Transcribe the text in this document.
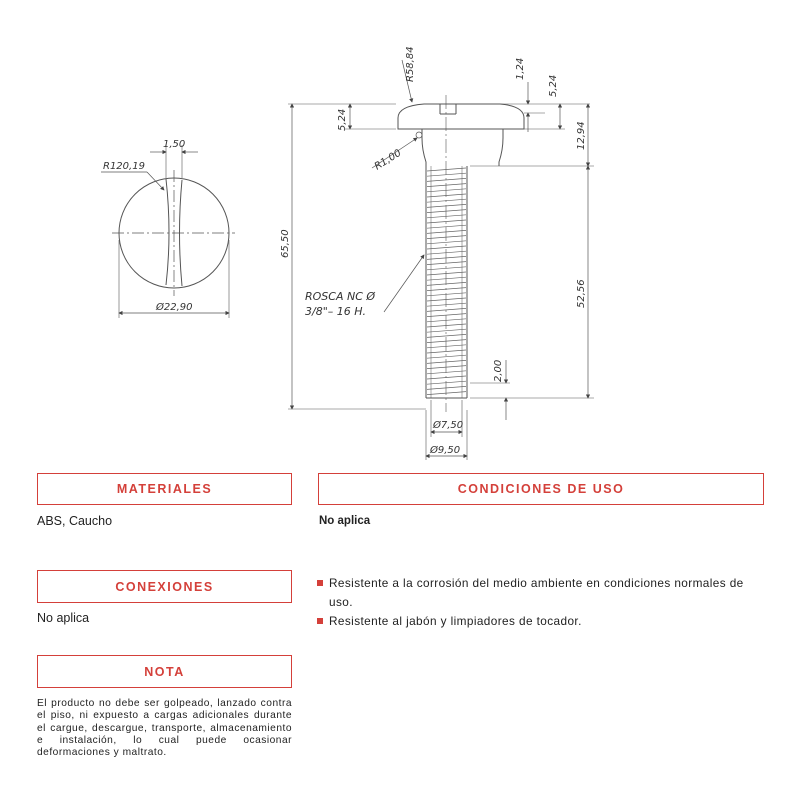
1,50
R120,19
Ø22,90
R58,84	1,24
5,24
5,24
12,94
R1,00
65,50
52,56
2,00
Ø7,50
Ø9,50
ROSCA NC Ø
3/8"– 16 H.
MATERIALES
ABS, Caucho
CONDICIONES DE USO
No aplica
Resistente a la corrosión del medio ambiente en condiciones normales de uso.
Resistente al jabón y limpiadores de tocador.
CONEXIONES
No aplica
NOTA
El producto no debe ser golpeado, lanzado contra el piso, ni expuesto a cargas adicionales durante el cargue, descargue, transporte, almacenamiento e instalación, lo cual puede ocasionar deformaciones y maltrato.
